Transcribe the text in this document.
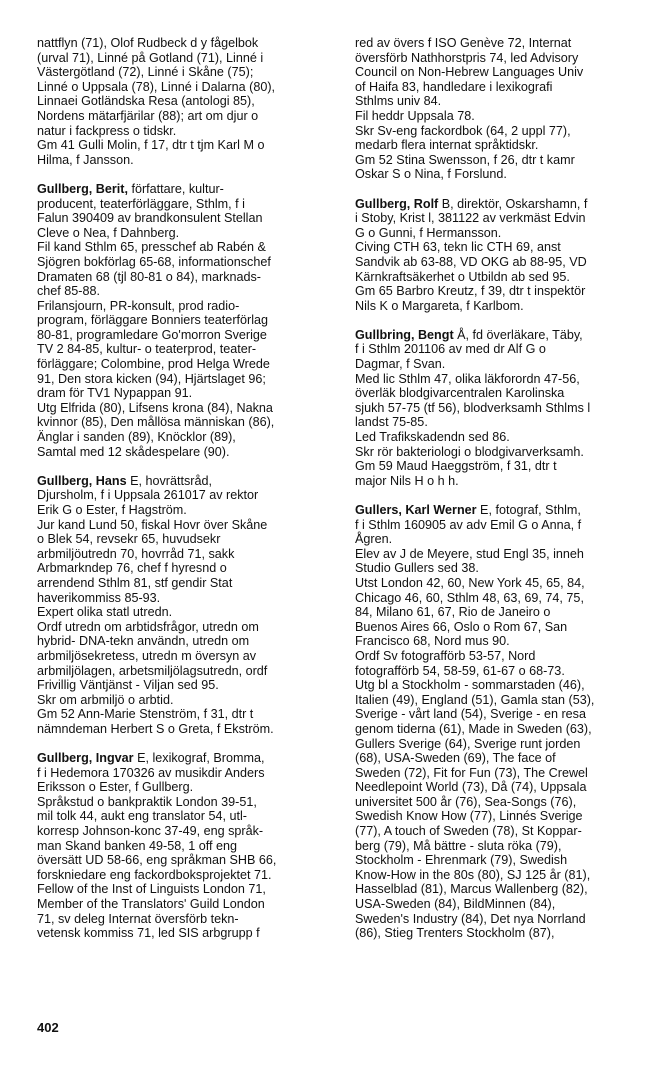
nattflyn (71), Olof Rudbeck d y fågelbok
(urval 71), Linné på Gotland (71), Linné i
Västergötland (72), Linné i Skåne (75);
Linné o Uppsala (78), Linné i Dalarna (80),
Linnaei Gotländska Resa (antologi 85),
Nordens mätarfjärilar (88); art om djur o
natur i fackpress o tidskr.
Gm 41 Gulli Molin, f 17, dtr t tjm Karl M o
Hilma, f Jansson.
Gullberg, Berit, författare, kultur-
producent, teaterförläggare, Sthlm, f i
Falun 390409 av brandkonsulent Stellan
Cleve o Nea, f Dahnberg.
Fil kand Sthlm 65, presschef ab Rabén &
Sjögren bokförlag 65-68, informationschef
Dramaten 68 (tjl 80-81 o 84), marknads-
chef 85-88.
Frilansjourn, PR-konsult, prod radio-
program, förläggare Bonniers teaterförlag
80-81, programledare Go'morron Sverige
TV 2 84-85, kultur- o teaterprod, teater-
förläggare; Colombine, prod Helga Wrede
91, Den stora kicken (94), Hjärtslaget 96;
dram för TV1 Nypappan 91.
Utg Elfrida (80), Lifsens krona (84), Nakna
kvinnor (85), Den mållösa människan (86),
Änglar i sanden (89), Knöcklor (89),
Samtal med 12 skådespelare (90).
Gullberg, Hans E, hovrättsråd,
Djursholm, f i Uppsala 261017 av rektor
Erik G o Ester, f Hagström.
Jur kand Lund 50, fiskal Hovr över Skåne
o Blek 54, revsekr 65, huvudsekr
arbmiljöutredn 70, hovrråd 71, sakk
Arbmarkndep 76, chef f hyresnd o
arrendend Sthlm 81, stf gendir Stat
haverikommiss 85-93.
Expert olika statl utredn.
Ordf utredn om arbtidsfrågor, utredn om
hybrid- DNA-tekn användn, utredn om
arbmiljösekretess, utredn m översyn av
arbmiljölagen, arbetsmiljölagsutredn, ordf
Frivillig Väntjänst - Viljan sed 95.
Skr om arbmiljö o arbtid.
Gm 52 Ann-Marie Stenström, f 31, dtr t
nämndeman Herbert S o Greta, f Ekström.
Gullberg, Ingvar E, lexikograf, Bromma,
f i Hedemora 170326 av musikdir Anders
Eriksson o Ester, f Gullberg.
Språkstud o bankpraktik London 39-51,
mil tolk 44, aukt eng translator 54, utl-
korresp Johnson-konc 37-49, eng språk-
man Skand banken 49-58, 1 off eng
översätt UD 58-66, eng språkman SHB 66,
forskniedare eng fackordboksprojektet 71.
Fellow of the Inst of Linguists London 71,
Member of the Translators' Guild London
71, sv deleg Internat översförb tekn-
vetensk kommiss 71, led SIS arbgrupp f
red av övers f ISO Genève 72, Internat
översförb Nathhorstpris 74, led Advisory
Council on Non-Hebrew Languages Univ
of Haifa 83, handledare i lexikografi
Sthlms univ 84.
Fil heddr Uppsala 78.
Skr Sv-eng fackordbok (64, 2 uppl 77),
medarb flera internat språktidskr.
Gm 52 Stina Swensson, f 26, dtr t kamr
Oskar S o Nina, f Forslund.
Gullberg, Rolf B, direktör, Oskarshamn, f
i Stoby, Krist l, 381122 av verkmäst Edvin
G o Gunni, f Hermansson.
Civing CTH 63, tekn lic CTH 69, anst
Sandvik ab 63-88, VD OKG ab 88-95, VD
Kärnkraftsäkerhet o Utbildn ab sed 95.
Gm 65 Barbro Kreutz, f 39, dtr t inspektör
Nils K o Margareta, f Karlbom.
Gullbring, Bengt Å, fd överläkare, Täby,
f i Sthlm 201106 av med dr Alf G o
Dagmar, f Svan.
Med lic Sthlm 47, olika läkforordn 47-56,
överläk blodgivarcentralen Karolinska
sjukh 57-75 (tf 56), blodverksamh Sthlms l
landst 75-85.
Led Trafikskadendn sed 86.
Skr rör bakteriologi o blodgivarverksamh.
Gm 59 Maud Haeggström, f 31, dtr t
major Nils H o h h.
Gullers, Karl Werner E, fotograf, Sthlm,
f i Sthlm 160905 av adv Emil G o Anna, f
Ågren.
Elev av J de Meyere, stud Engl 35, inneh
Studio Gullers sed 38.
Utst London 42, 60, New York 45, 65, 84,
Chicago 46, 60, Sthlm 48, 63, 69, 74, 75,
84, Milano 61, 67, Rio de Janeiro o
Buenos Aires 66, Oslo o Rom 67, San
Francisco 68, Nord mus 90.
Ordf Sv fotografförb 53-57, Nord
fotografförb 54, 58-59, 61-67 o 68-73.
Utg bl a Stockholm - sommarstaden (46),
Italien (49), England (51), Gamla stan (53),
Sverige - vårt land (54), Sverige - en resa
genom tiderna (61), Made in Sweden (63),
Gullers Sverige (64), Sverige runt jorden
(68), USA-Sweden (69), The face of
Sweden (72), Fit for Fun (73), The Crewel
Needlepoint World (73), Då (74), Uppsala
universitet 500 år (76), Sea-Songs (76),
Swedish Know How (77), Linnés Sverige
(77), A touch of Sweden (78), St Koppar-
berg (79), Må bättre - sluta röka (79),
Stockholm - Ehrenmark (79), Swedish
Know-How in the 80s (80), SJ 125 år (81),
Hasselblad (81), Marcus Wallenberg (82),
USA-Sweden (84), BildMinnen (84),
Sweden's Industry (84), Det nya Norrland
(86), Stieg Trenters Stockholm (87),
402
